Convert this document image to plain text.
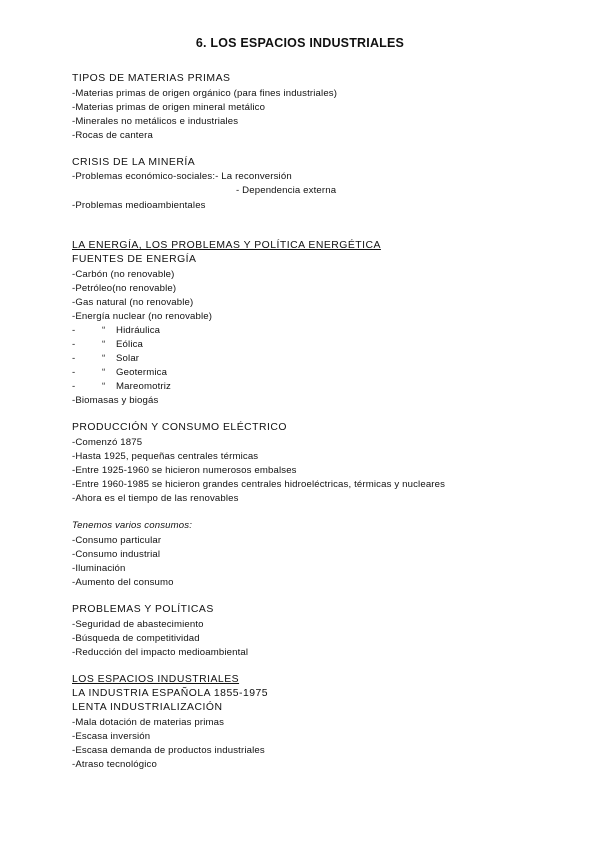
6. LOS ESPACIOS INDUSTRIALES
TIPOS DE MATERIAS PRIMAS
-Materias primas de origen orgánico (para fines industriales)
-Materias primas de origen mineral metálico
-Minerales no metálicos e industriales
-Rocas de cantera
CRISIS DE LA MINERÍA
-Problemas económico-sociales:- La reconversión
- Dependencia externa
-Problemas medioambientales
LA ENERGÍA, LOS PROBLEMAS Y POLÍTICA ENERGÉTICA
FUENTES DE ENERGÍA
-Carbón (no renovable)
-Petróleo(no renovable)
-Gas natural (no renovable)
-Energía nuclear (no renovable)
-	“ Hidráulica
-	“ Eólica
-	“ Solar
-	“ Geotermica
-	“ Mareomotriz
-Biomasas y biogás
PRODUCCIÓN Y CONSUMO ELÉCTRICO
-Comenzó 1875
-Hasta 1925, pequeñas centrales térmicas
-Entre 1925-1960 se hicieron numerosos embalses
-Entre 1960-1985 se hicieron grandes centrales hidroeléctricas, térmicas y nucleares
-Ahora es el tiempo de las renovables
Tenemos varios consumos:
-Consumo particular
-Consumo industrial
-Iluminación
-Aumento del consumo
PROBLEMAS Y POLÍTICAS
-Seguridad de abastecimiento
-Búsqueda de competitividad
-Reducción del impacto medioambiental
LOS ESPACIOS INDUSTRIALES
LA INDUSTRIA ESPAÑOLA 1855-1975
LENTA INDUSTRIALIZACIÓN
-Mala dotación de materias primas
-Escasa inversión
-Escasa demanda de productos industriales
-Atraso tecnológico
